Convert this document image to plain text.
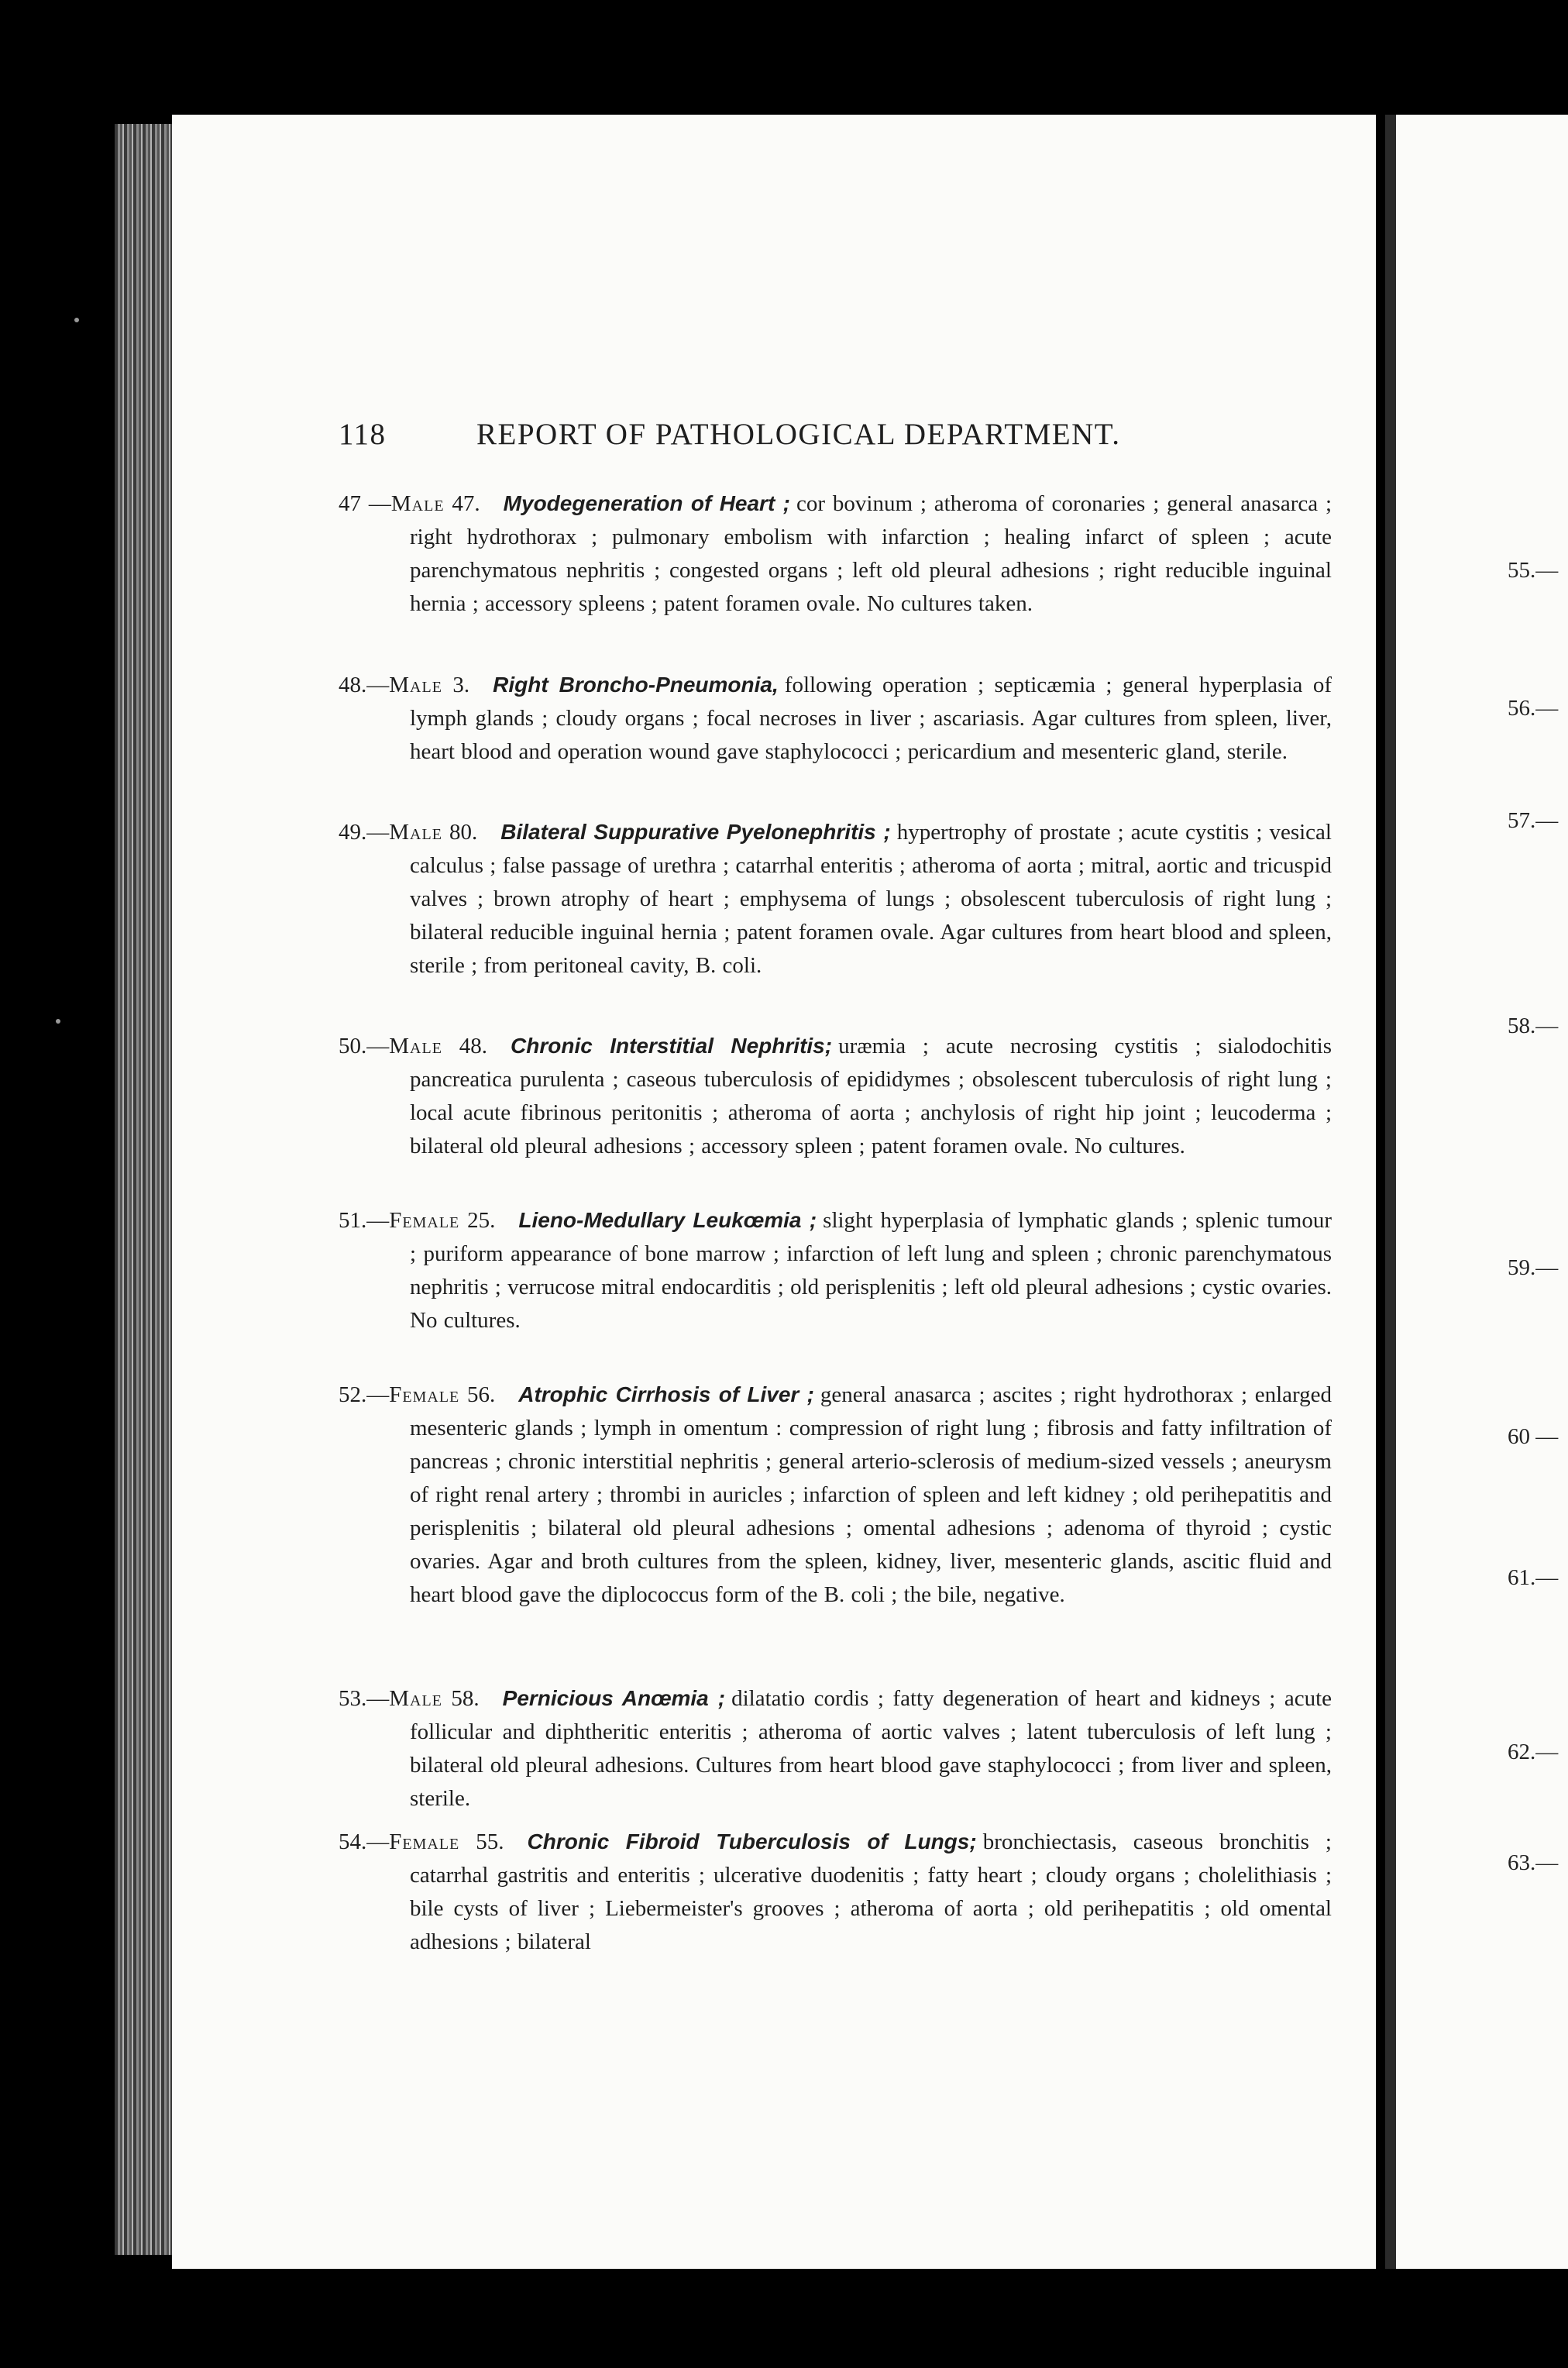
118	REPORT OF PATHOLOGICAL DEPARTMENT.
47 —Male 47. Myodegeneration of Heart ; cor bovinum ; atheroma of coronaries ; general anasarca ; right hydrothorax ; pulmonary embolism with infarction ; healing infarct of spleen ; acute parenchymatous nephritis ; congested organs ; left old pleural adhesions ; right reducible inguinal hernia ; accessory spleens ; patent foramen ovale. No cultures taken.
48.—Male 3. Right Broncho-Pneumonia, following operation ; septicæmia ; general hyperplasia of lymph glands ; cloudy organs ; focal necroses in liver ; ascariasis. Agar cultures from spleen, liver, heart blood and operation wound gave staphylococci ; pericardium and mesenteric gland, sterile.
49.—Male 80. Bilateral Suppurative Pyelonephritis ; hypertrophy of prostate ; acute cystitis ; vesical calculus ; false passage of urethra ; catarrhal enteritis ; atheroma of aorta ; mitral, aortic and tricuspid valves ; brown atrophy of heart ; emphysema of lungs ; obsolescent tuberculosis of right lung ; bilateral reducible inguinal hernia ; patent foramen ovale. Agar cultures from heart blood and spleen, sterile ; from peritoneal cavity, B. coli.
50.—Male 48. Chronic Interstitial Nephritis; uræmia ; acute necrosing cystitis ; sialodochitis pancreatica purulenta ; caseous tuberculosis of epididymes ; obsolescent tuberculosis of right lung ; local acute fibrinous peritonitis ; atheroma of aorta ; anchylosis of right hip joint ; leucoderma ; bilateral old pleural adhesions ; accessory spleen ; patent foramen ovale. No cultures.
51.—Female 25. Lieno-Medullary Leukœmia ; slight hyperplasia of lymphatic glands ; splenic tumour ; puriform appearance of bone marrow ; infarction of left lung and spleen ; chronic parenchymatous nephritis ; verrucose mitral endocarditis ; old perisplenitis ; left old pleural adhesions ; cystic ovaries. No cultures.
52.—Female 56. Atrophic Cirrhosis of Liver ; general anasarca ; ascites ; right hydrothorax ; enlarged mesenteric glands ; lymph in omentum : compression of right lung ; fibrosis and fatty infiltration of pancreas ; chronic interstitial nephritis ; general arterio-sclerosis of medium-sized vessels ; aneurysm of right renal artery ; thrombi in auricles ; infarction of spleen and left kidney ; old perihepatitis and perisplenitis ; bilateral old pleural adhesions ; omental adhesions ; adenoma of thyroid ; cystic ovaries. Agar and broth cultures from the spleen, kidney, liver, mesenteric glands, ascitic fluid and heart blood gave the diplococcus form of the B. coli ; the bile, negative.
53.—Male 58. Pernicious Anœmia ; dilatatio cordis ; fatty degeneration of heart and kidneys ; acute follicular and diphtheritic enteritis ; atheroma of aortic valves ; latent tuberculosis of left lung ; bilateral old pleural adhesions. Cultures from heart blood gave staphylococci ; from liver and spleen, sterile.
54.—Female 55. Chronic Fibroid Tuberculosis of Lungs; bronchiectasis, caseous bronchitis ; catarrhal gastritis and enteritis ; ulcerative duodenitis ; fatty heart ; cloudy organs ; cholelithiasis ; bile cysts of liver ; Liebermeister's grooves ; atheroma of aorta ; old perihepatitis ; old omental adhesions ; bilateral
55.—
56.—
57.—
58.—
59.—
60 —
61.—
62.—
63.—
